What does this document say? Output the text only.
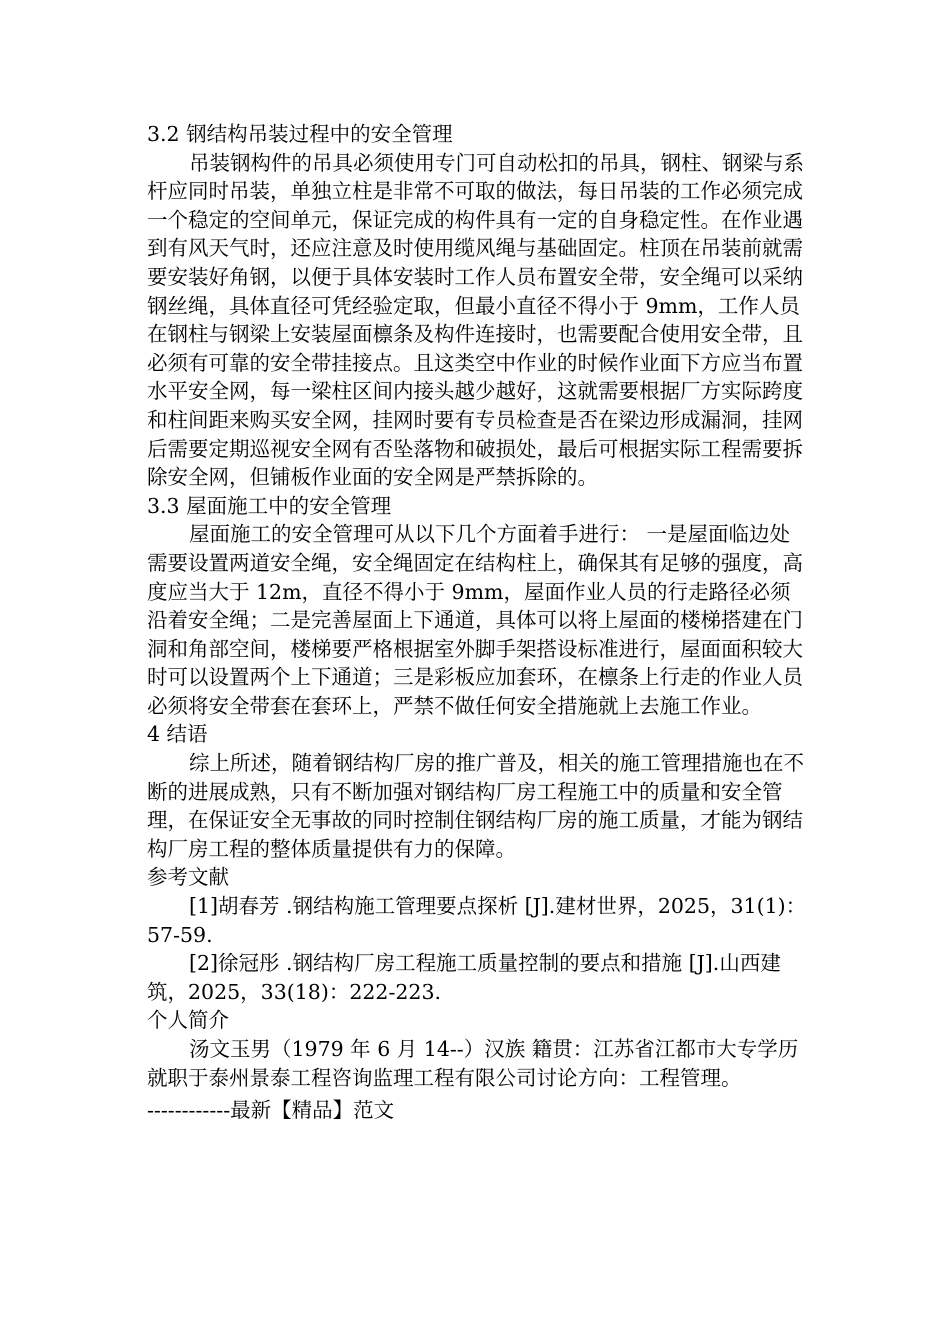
3.2 钢结构吊装过程中的安全管理

吊装钢构件的吊具必须使用专门可自动松扣的吊具，钢柱、钢梁与系杆应同时吊装，单独立柱是非常不可取的做法，每日吊装的工作必须完成一个稳定的空间单元，保证完成的构件具有一定的自身稳定性。在作业遇到有风天气时，还应注意及时使用缆风绳与基础固定。柱顶在吊装前就需要安装好角钢，以便于具体安装时工作人员布置安全带，安全绳可以采纳钢丝绳，具体直径可凭经验定取，但最小直径不得小于 9mm，工作人员在钢柱与钢梁上安装屋面檩条及构件连接时，也需要配合使用安全带，且必须有可靠的安全带挂接点。且这类空中作业的时候作业面下方应当布置水平安全网，每一梁柱区间内接头越少越好，这就需要根据厂方实际跨度和柱间距来购买安全网，挂网时要有专员检查是否在梁边形成漏洞，挂网后需要定期巡视安全网有否坠落物和破损处，最后可根据实际工程需要拆除安全网，但铺板作业面的安全网是严禁拆除的。

3.3 屋面施工中的安全管理

屋面施工的安全管理可从以下几个方面着手进行： 一是屋面临边处需要设置两道安全绳，安全绳固定在结构柱上，确保其有足够的强度，高度应当大于 12m，直径不得小于 9mm，屋面作业人员的行走路径必须沿着安全绳；二是完善屋面上下通道，具体可以将上屋面的楼梯搭建在门洞和角部空间，楼梯要严格根据室外脚手架搭设标准进行，屋面面积较大时可以设置两个上下通道；三是彩板应加套环，在檩条上行走的作业人员必须将安全带套在套环上，严禁不做任何安全措施就上去施工作业。

4 结语

综上所述，随着钢结构厂房的推广普及，相关的施工管理措施也在不断的进展成熟，只有不断加强对钢结构厂房工程施工中的质量和安全管理，在保证安全无事故的同时控制住钢结构厂房的施工质量，才能为钢结构厂房工程的整体质量提供有力的保障。

参考文献

[1]胡春芳 .钢结构施工管理要点探析 [J].建材世界，2025，31(1)：57-59.

[2]徐冠彤 .钢结构厂房工程施工质量控制的要点和措施 [J].山西建筑，2025，33(18)：222-223.

个人简介

汤文玉男（1979 年 6 月 14--）汉族 籍贯：江苏省江都市大专学历就职于泰州景泰工程咨询监理工程有限公司讨论方向：工程管理。

------------最新【精品】范文
